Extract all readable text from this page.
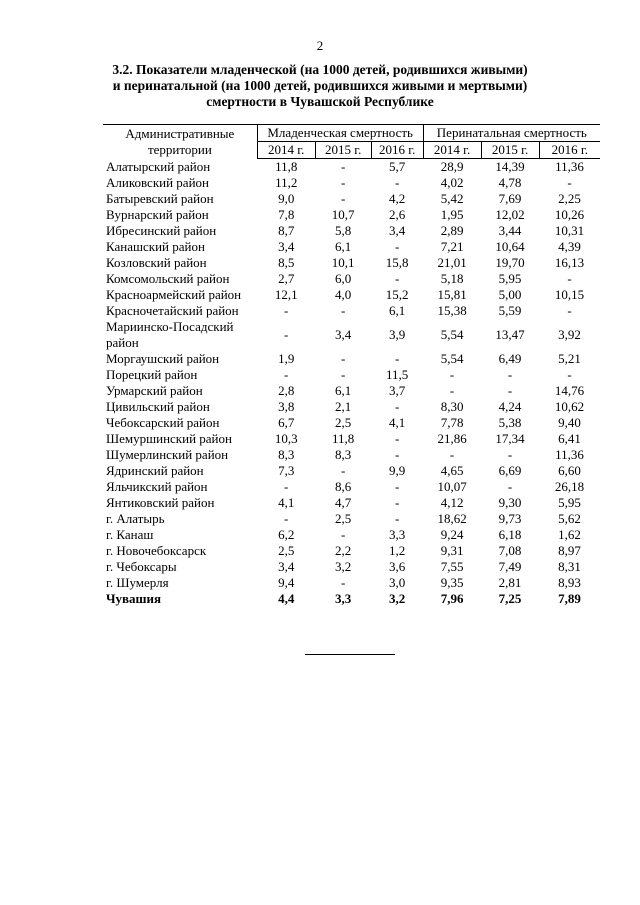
2
3.2. Показатели младенческой (на 1000 детей, родившихся живыми)
и перинатальной (на 1000 детей, родившихся живыми и мертвыми)
смертности в Чувашской Республике
Административные территории	Младенческая смертность			Перинатальная смертность		
	2014 г.	2015 г.	2016 г.	2014 г.	2015 г.	2016 г.
Алатырский район	11,8	-	5,7	28,9	14,39	11,36
Аликовский район	11,2	-	-	4,02	4,78	-
Батыревский район	9,0	-	4,2	5,42	7,69	2,25
Вурнарский район	7,8	10,7	2,6	1,95	12,02	10,26
Ибресинский район	8,7	5,8	3,4	2,89	3,44	10,31
Канашский район	3,4	6,1	-	7,21	10,64	4,39
Козловский район	8,5	10,1	15,8	21,01	19,70	16,13
Комсомольский район	2,7	6,0	-	5,18	5,95	-
Красноармейский район	12,1	4,0	15,2	15,81	5,00	10,15
Красночетайский район	-	-	6,1	15,38	5,59	-
Мариинско-Посадский район	-	3,4	3,9	5,54	13,47	3,92
Моргаушский район	1,9	-	-	5,54	6,49	5,21
Порецкий район	-	-	11,5	-	-	-
Урмарский район	2,8	6,1	3,7	-	-	14,76
Цивильский район	3,8	2,1	-	8,30	4,24	10,62
Чебоксарский район	6,7	2,5	4,1	7,78	5,38	9,40
Шемуршинский район	10,3	11,8	-	21,86	17,34	6,41
Шумерлинский район	8,3	8,3	-	-	-	11,36
Ядринский район	7,3	-	9,9	4,65	6,69	6,60
Яльчикский район	-	8,6	-	10,07	-	26,18
Янтиковский район	4,1	4,7	-	4,12	9,30	5,95
г. Алатырь	-	2,5	-	18,62	9,73	5,62
г. Канаш	6,2	-	3,3	9,24	6,18	1,62
г. Новочебоксарск	2,5	2,2	1,2	9,31	7,08	8,97
г. Чебоксары	3,4	3,2	3,6	7,55	7,49	8,31
г. Шумерля	9,4	-	3,0	9,35	2,81	8,93
Чувашия	4,4	3,3	3,2	7,96	7,25	7,89
